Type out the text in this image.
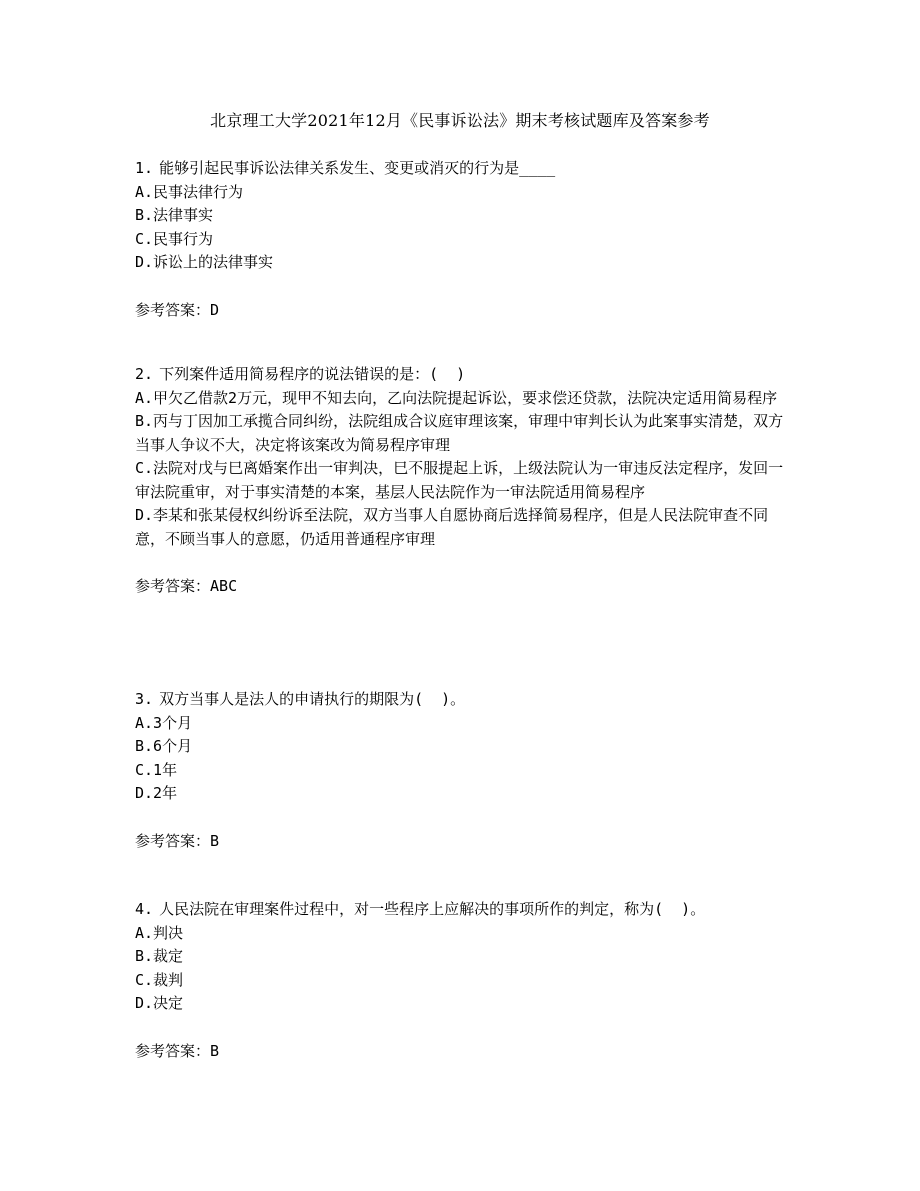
北京理工大学2021年12月《民事诉讼法》期末考核试题库及答案参考

1. 能够引起民事诉讼法律关系发生、变更或消灭的行为是____

A.民事法律行为
B.法律事实
C.民事行为
D.诉讼上的法律事实

参考答案：D

2. 下列案件适用简易程序的说法错误的是：(  )

A.甲欠乙借款2万元，现甲不知去向，乙向法院提起诉讼，要求偿还贷款，法院决定适用简易程序
B.丙与丁因加工承揽合同纠纷，法院组成合议庭审理该案，审理中审判长认为此案事实清楚，双方当事人争议不大，决定将该案改为简易程序审理
C.法院对戊与巳离婚案作出一审判决，巳不服提起上诉，上级法院认为一审违反法定程序，发回一审法院重审，对于事实清楚的本案，基层人民法院作为一审法院适用简易程序
D.李某和张某侵权纠纷诉至法院，双方当事人自愿协商后选择简易程序，但是人民法院审查不同意，不顾当事人的意愿，仍适用普通程序审理

参考答案：ABC

3. 双方当事人是法人的申请执行的期限为(  )。

A.3个月
B.6个月
C.1年
D.2年

参考答案：B

4. 人民法院在审理案件过程中，对一些程序上应解决的事项所作的判定，称为(  )。

A.判决
B.裁定
C.裁判
D.决定

参考答案：B
